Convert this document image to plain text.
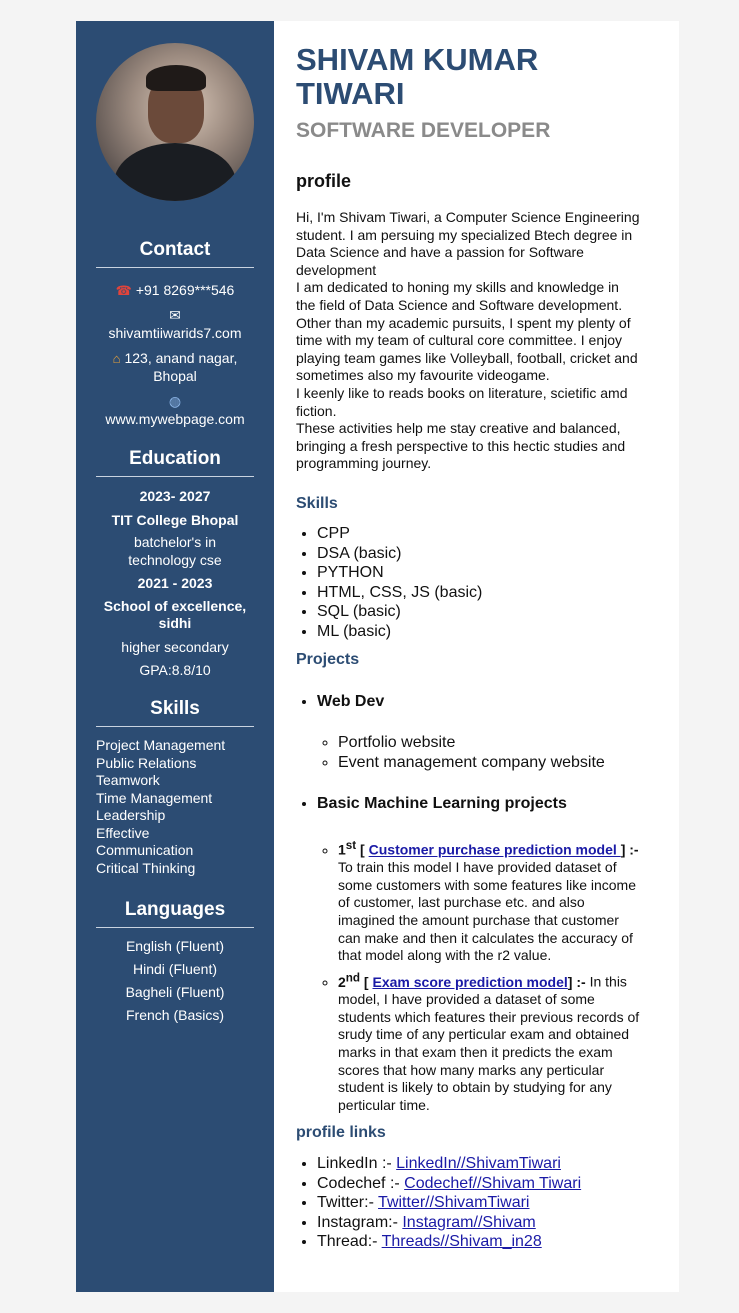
Contact
☎ +91 8269***546
✉
shivamtiiwarids7.com
⌂ 123, anand nagar,
Bhopal
◍
www.mywebpage.com
Education
2023- 2027
TIT College Bhopal
batchelor's in
technology cse
2021 - 2023
School of excellence,
sidhi
higher secondary
GPA:8.8/10
Skills
Project Management
Public Relations
Teamwork
Time Management
Leadership
Effective
Communication
Critical Thinking
Languages
English (Fluent)
Hindi (Fluent)
Bagheli (Fluent)
French (Basics)
SHIVAM KUMAR
TIWARI
SOFTWARE DEVELOPER
profile
Hi, I'm Shivam Tiwari, a Computer Science Engineering
student. I am persuing my specialized Btech degree in
Data Science and have a passion for Software
development
I am dedicated to honing my skills and knowledge in
the field of Data Science and Software development.
Other than my academic pursuits, I spent my plenty of
time with my team of cultural core committee. I enjoy
playing team games like Volleyball, football, cricket and
sometimes also my favourite videogame.
I keenly like to reads books on literature, scietific amd
fiction.
These activities help me stay creative and balanced,
bringing a fresh perspective to this hectic studies and
programming journey.
Skills
• CPP
• DSA (basic)
• PYTHON
• HTML, CSS, JS (basic)
• SQL (basic)
• ML (basic)
Projects
• Web Dev
◦ Portfolio website
◦ Event management company website
• Basic Machine Learning projects
◦ 1st [ Customer purchase prediction model ] :-
To train this model I have provided dataset of
some customers with some features like income
of customer, last purchase etc. and also
imagined the amount purchase that customer
can make and then it calculates the accuracy of
that model along with the r2 value.
◦ 2nd [ Exam score prediction model] :- In this
model, I have provided a dataset of some
students which features their previous records of
srudy time of any perticular exam and obtained
marks in that exam then it predicts the exam
scores that how many marks any perticular
student is likely to obtain by studying for any
perticular time.
profile links
• LinkedIn :- LinkedIn//ShivamTiwari
• Codechef :- Codechef//Shivam Tiwari
• Twitter:- Twitter//ShivamTiwari
• Instagram:- Instagram//Shivam
• Thread:- Threads//Shivam_in28
